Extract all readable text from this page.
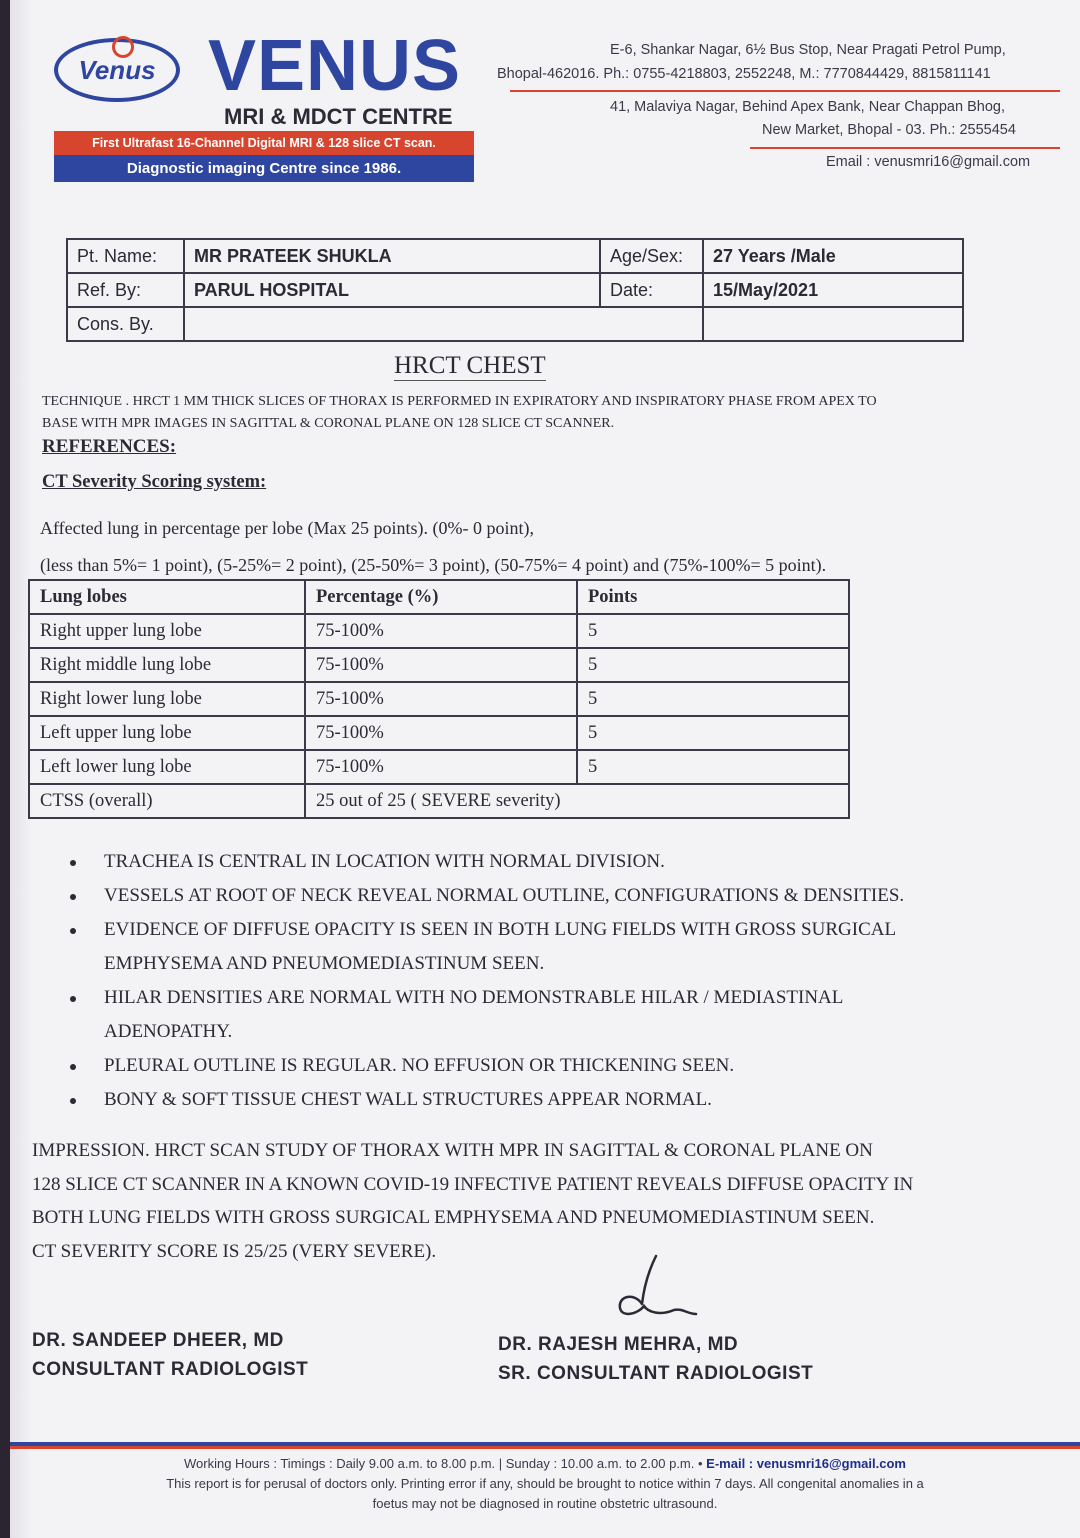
Venus VENUS
MRI & MDCT CENTRE
First Ultrafast 16-Channel Digital MRI & 128 slice CT scan.
Diagnostic imaging Centre since 1986.
E-6, Shankar Nagar, 6½ Bus Stop, Near Pragati Petrol Pump,
Bhopal-462016. Ph.: 0755-4218803, 2552248, M.: 7770844429, 8815811141
41, Malaviya Nagar, Behind Apex Bank, Near Chappan Bhog,
New Market, Bhopal - 03. Ph.: 2555454
Email : venusmri16@gmail.com
Pt. Name:	MR PRATEEK SHUKLA	Age/Sex:	27 Years /Male
Ref. By:	PARUL HOSPITAL	Date:	15/May/2021
Cons. By.			
HRCT CHEST
TECHNIQUE . HRCT 1 MM THICK SLICES OF THORAX IS PERFORMED IN EXPIRATORY AND INSPIRATORY PHASE FROM APEX TO
BASE WITH MPR IMAGES IN SAGITTAL & CORONAL PLANE ON 128 SLICE CT SCANNER.
REFERENCES:
CT Severity Scoring system:
Affected lung in percentage per lobe (Max 25 points). (0%- 0 point),
(less than 5%= 1 point), (5-25%= 2 point), (25-50%= 3 point), (50-75%= 4 point) and (75%-100%= 5 point).
Lung lobes	Percentage (%)	Points
Right upper lung lobe	75-100%	5
Right middle lung lobe	75-100%	5
Right lower lung lobe	75-100%	5
Left upper lung lobe	75-100%	5
Left lower lung lobe	75-100%	5
CTSS (overall)	25 out of 25 ( SEVERE severity)	
TRACHEA IS CENTRAL IN LOCATION WITH NORMAL DIVISION.
VESSELS AT ROOT OF NECK REVEAL NORMAL OUTLINE, CONFIGURATIONS & DENSITIES.
EVIDENCE OF DIFFUSE OPACITY IS SEEN IN BOTH LUNG FIELDS WITH GROSS SURGICAL EMPHYSEMA AND PNEUMOMEDIASTINUM SEEN.
HILAR DENSITIES ARE NORMAL WITH NO DEMONSTRABLE HILAR / MEDIASTINAL ADENOPATHY.
PLEURAL OUTLINE IS REGULAR. NO EFFUSION OR THICKENING SEEN.
BONY & SOFT TISSUE CHEST WALL STRUCTURES APPEAR NORMAL.
IMPRESSION. HRCT SCAN STUDY OF THORAX WITH MPR IN SAGITTAL & CORONAL PLANE ON
128 SLICE CT SCANNER IN A KNOWN COVID-19 INFECTIVE PATIENT REVEALS DIFFUSE OPACITY IN
BOTH LUNG FIELDS WITH GROSS SURGICAL EMPHYSEMA AND PNEUMOMEDIASTINUM SEEN.
CT SEVERITY SCORE IS 25/25 (VERY SEVERE).
DR. SANDEEP DHEER, MD
CONSULTANT RADIOLOGIST
DR. RAJESH MEHRA, MD
SR. CONSULTANT RADIOLOGIST
Working Hours : Timings : Daily 9.00 a.m. to 8.00 p.m. | Sunday : 10.00 a.m. to 2.00 p.m. • E-mail : venusmri16@gmail.com
This report is for perusal of doctors only. Printing error if any, should be brought to notice within 7 days. All congenital anomalies in a
foetus may not be diagnosed in routine obstetric ultrasound.
